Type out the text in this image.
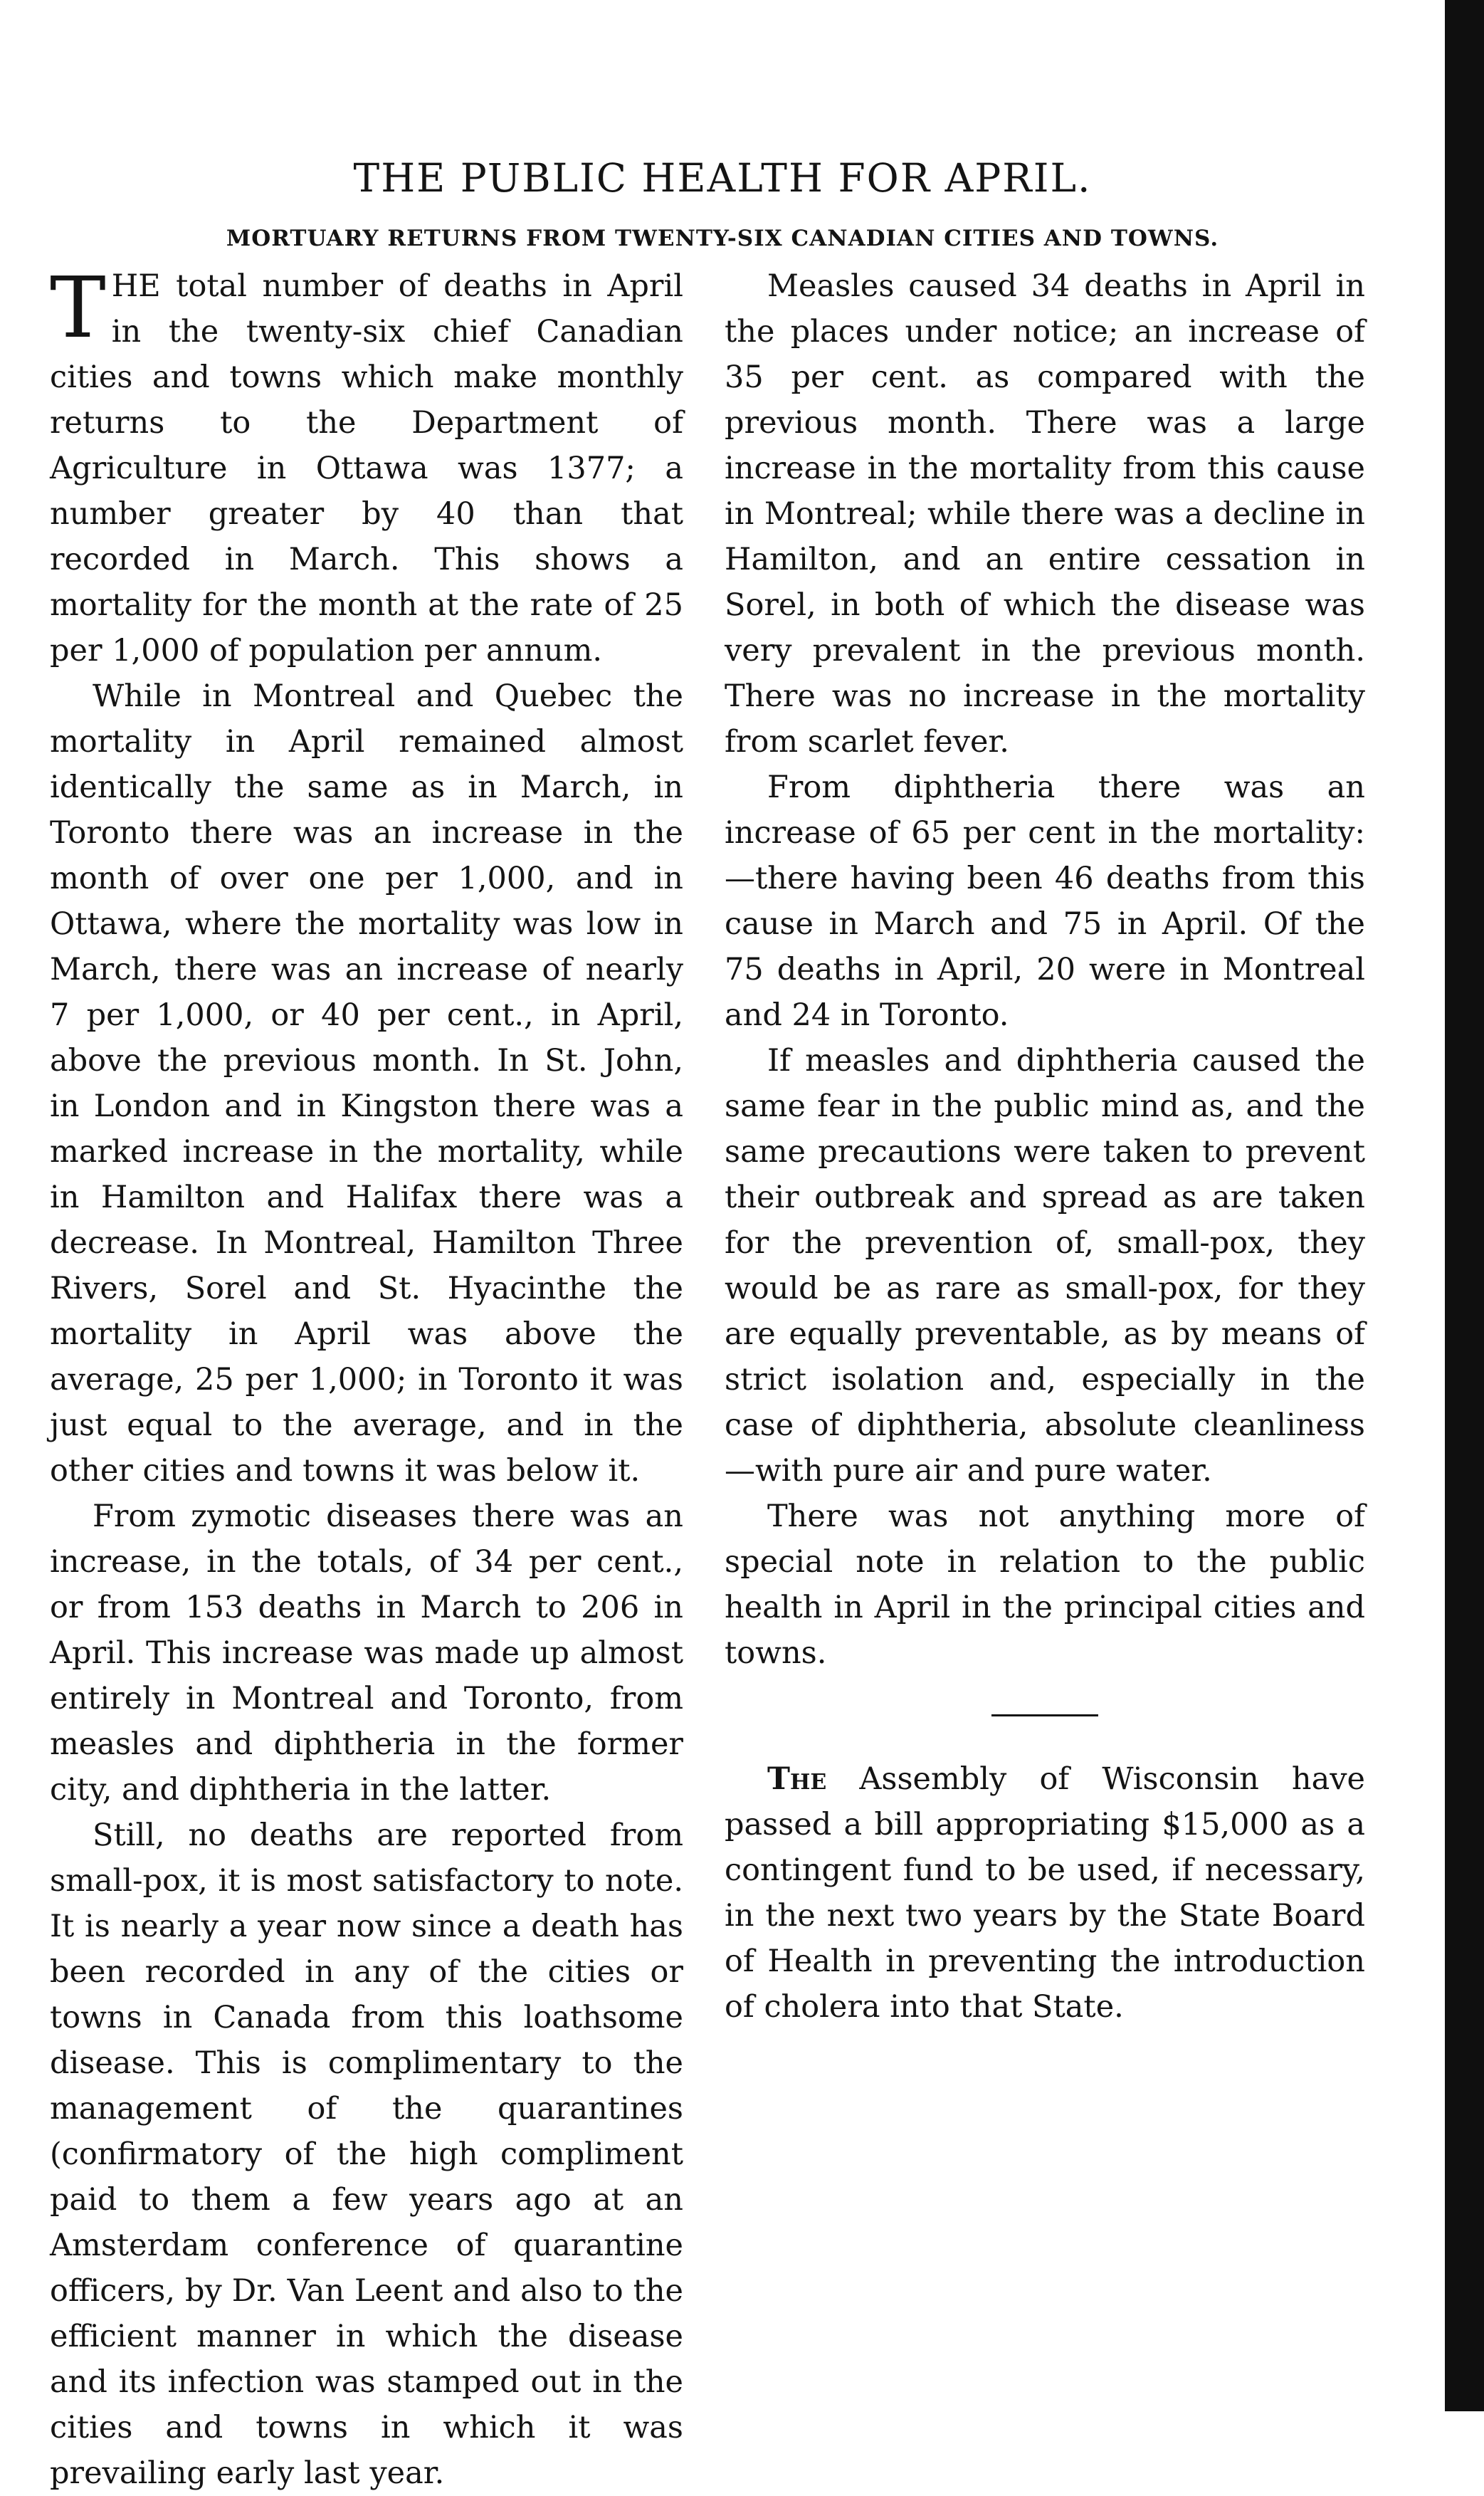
THE PUBLIC HEALTH FOR APRIL.
MORTUARY RETURNS FROM TWENTY-SIX CANADIAN CITIES AND TOWNS.

THE total number of deaths in April in the twenty-six chief Canadian cities and towns which make monthly returns to the Department of Agriculture in Ottawa was 1377; a number greater by 40 than that recorded in March. This shows a mortality for the month at the rate of 25 per 1,000 of population per annum.

While in Montreal and Quebec the mortality in April remained almost identically the same as in March, in Toronto there was an increase in the month of over one per 1,000, and in Ottawa, where the mortality was low in March, there was an increase of nearly 7 per 1,000, or 40 per cent., in April, above the previous month. In St. John, in London and in Kingston there was a marked increase in the mortality, while in Hamilton and Halifax there was a decrease. In Montreal, Hamilton Three Rivers, Sorel and St. Hyacinthe the mortality in April was above the average, 25 per 1,000; in Toronto it was just equal to the average, and in the other cities and towns it was below it.

From zymotic diseases there was an increase, in the totals, of 34 per cent., or from 153 deaths in March to 206 in April. This increase was made up almost entirely in Montreal and Toronto, from measles and diphtheria in the former city, and diphtheria in the latter.

Still, no deaths are reported from small-pox, it is most satisfactory to note. It is nearly a year now since a death has been recorded in any of the cities or towns in Canada from this loathsome disease. This is complimentary to the management of the quarantines (confirmatory of the high compliment paid to them a few years ago at an Amsterdam conference of quarantine officers, by Dr. Van Leent and also to the efficient manner in which the disease and its infection was stamped out in the cities and towns in which it was prevailing early last year.

Measles caused 34 deaths in April in the places under notice; an increase of 35 per cent. as compared with the previous month. There was a large increase in the mortality from this cause in Montreal; while there was a decline in Hamilton, and an entire cessation in Sorel, in both of which the disease was very prevalent in the previous month. There was no increase in the mortality from scarlet fever.

From diphtheria there was an increase of 65 per cent in the mortality: —there having been 46 deaths from this cause in March and 75 in April. Of the 75 deaths in April, 20 were in Montreal and 24 in Toronto.

If measles and diphtheria caused the same fear in the public mind as, and the same precautions were taken to prevent their outbreak and spread as are taken for the prevention of, small-pox, they would be as rare as small-pox, for they are equally preventable, as by means of strict isolation and, especially in the case of diphtheria, absolute cleanliness—with pure air and pure water.

There was not anything more of special note in relation to the public health in April in the principal cities and towns.

The Assembly of Wisconsin have passed a bill appropriating $15,000 as a contingent fund to be used, if necessary, in the next two years by the State Board of Health in preventing the introduction of cholera into that State.
